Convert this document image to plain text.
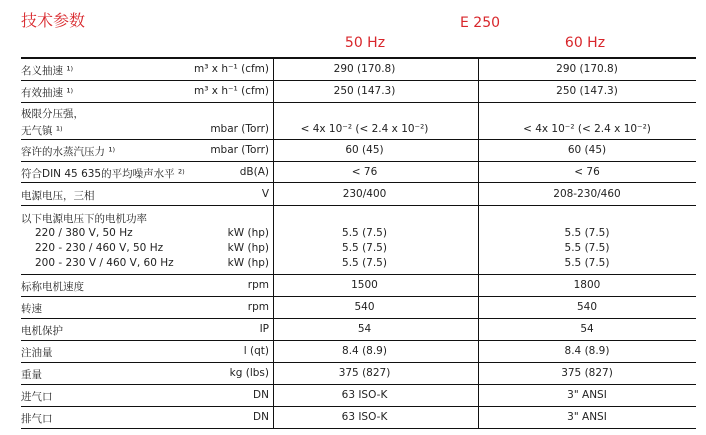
技术参数	E 250
50 Hz	60 Hz
名义抽速 ¹⁾	m³ x h⁻¹ (cfm)	290 (170.8)	290 (170.8)
有效抽速 ¹⁾	m³ x h⁻¹ (cfm)	250 (147.3)	250 (147.3)
极限分压强，
无气镇 ¹⁾	mbar (Torr)	< 4x 10⁻² (< 2.4 x 10⁻²)	< 4x 10⁻² (< 2.4 x 10⁻²)
容许的水蒸汽压力 ¹⁾	mbar (Torr)	60 (45)	60 (45)
符合DIN 45 635的平均噪声水平 ²⁾	dB(A)	< 76	< 76
电源电压，三相	V	230/400	208-230/460
以下电源电压下的电机功率
220 / 380 V, 50 Hz	kW (hp)	5.5 (7.5)	5.5 (7.5)
220 - 230 / 460 V, 50 Hz	kW (hp)	5.5 (7.5)	5.5 (7.5)
200 - 230 V / 460 V, 60 Hz	kW (hp)	5.5 (7.5)	5.5 (7.5)
标称电机速度	rpm	1500	1800
转速	rpm	540	540
电机保护	IP	54	54
注油量	l (qt)	8.4 (8.9)	8.4 (8.9)
重量	kg (lbs)	375 (827)	375 (827)
进气口	DN	63 ISO-K	3" ANSI
排气口	DN	63 ISO-K	3" ANSI
